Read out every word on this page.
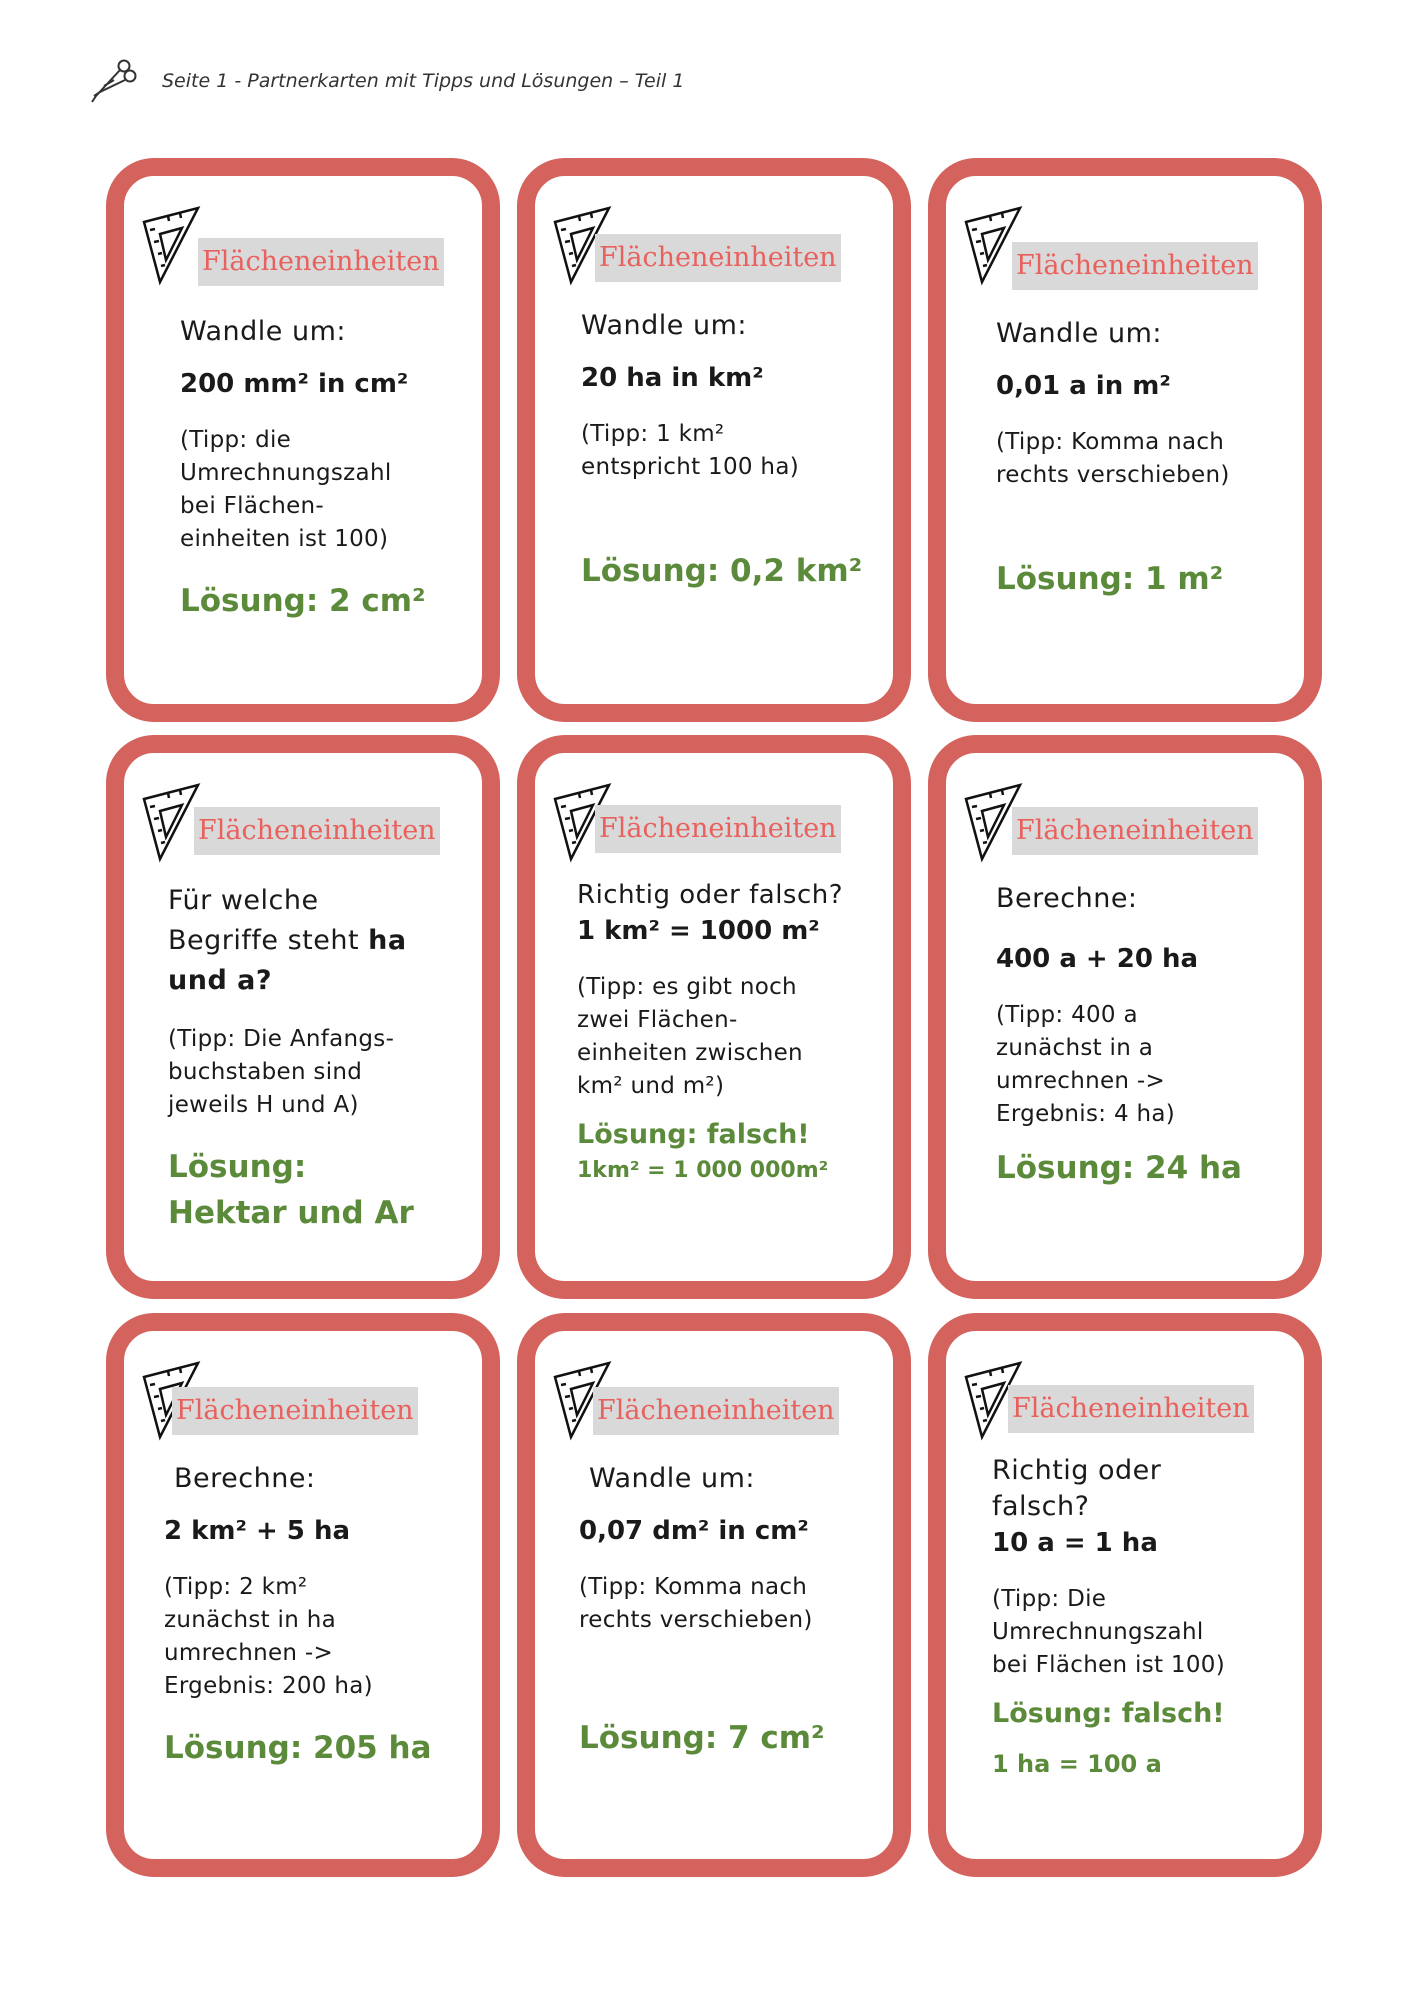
Seite 1 - Partnerkarten mit Tipps und Lösungen – Teil 1
Flächeneinheiten
Wandle um:
200 mm² in cm²
(Tipp: die
Umrechnungszahl
bei Flächen-
einheiten ist 100)
Lösung: 2 cm²
Flächeneinheiten
Wandle um:
20 ha in km²
(Tipp: 1 km²
entspricht 100 ha)
Lösung: 0,2 km²
Flächeneinheiten
Wandle um:
0,01 a in m²
(Tipp: Komma nach
rechts verschieben)
Lösung: 1 m²
Flächeneinheiten
Für welche
Begriffe steht ha
und a?
(Tipp: Die Anfangs-
buchstaben sind
jeweils H und A)
Lösung:
Hektar und Ar
Flächeneinheiten
Richtig oder falsch?
1 km² = 1000 m²
(Tipp: es gibt noch
zwei Flächen-
einheiten zwischen
km² und m²)
Lösung: falsch!
1km² = 1 000 000m²
Flächeneinheiten
Berechne:
400 a + 20 ha
(Tipp: 400 a
zunächst in a
umrechnen ->
Ergebnis: 4 ha)
Lösung: 24 ha
Flächeneinheiten
Berechne:
2 km² + 5 ha
(Tipp: 2 km²
zunächst in ha
umrechnen ->
Ergebnis: 200 ha)
Lösung: 205 ha
Flächeneinheiten
Wandle um:
0,07 dm² in cm²
(Tipp: Komma nach
rechts verschieben)
Lösung: 7 cm²
Flächeneinheiten
Richtig oder
falsch?
10 a = 1 ha
(Tipp: Die
Umrechnungszahl
bei Flächen ist 100)
Lösung: falsch!
1 ha = 100 a
